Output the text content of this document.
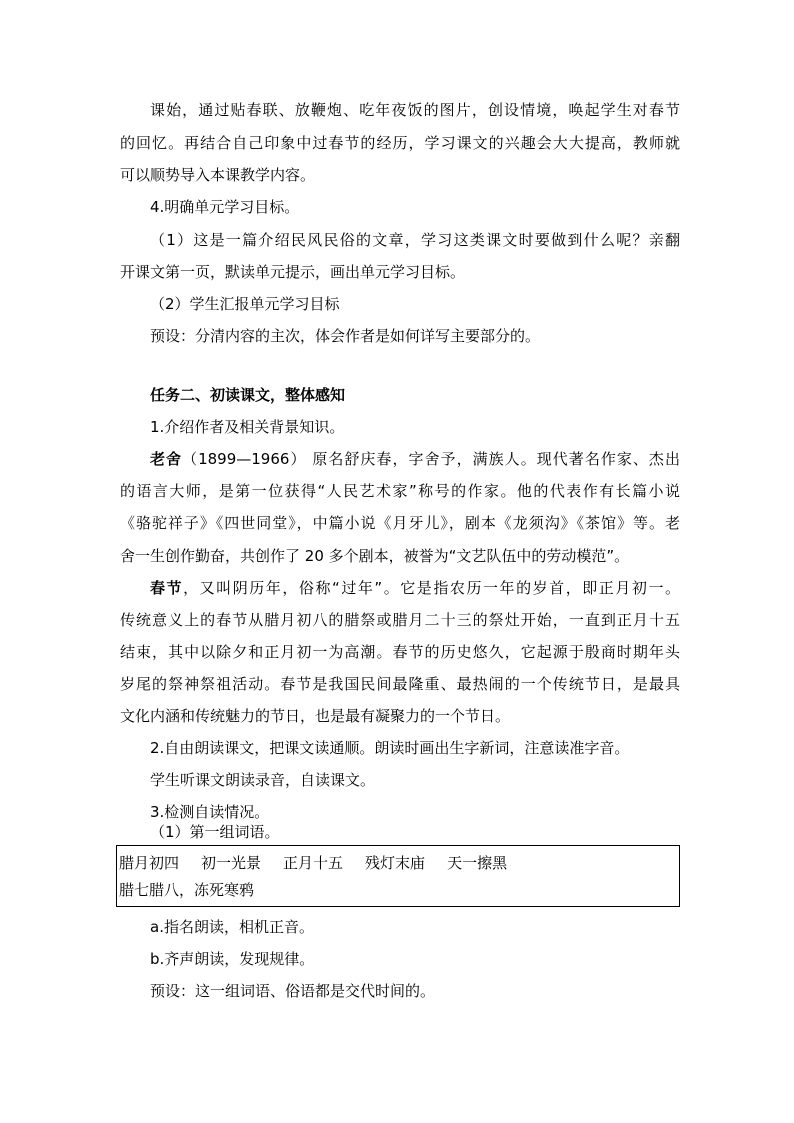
课始，通过贴春联、放鞭炮、吃年夜饭的图片，创设情境，唤起学生对春节
的回忆。再结合自己印象中过春节的经历，学习课文的兴趣会大大提高，教师就
可以顺势导入本课教学内容。
4.明确单元学习目标。
（1）这是一篇介绍民风民俗的文章，学习这类课文时要做到什么呢？亲翻
开课文第一页，默读单元提示，画出单元学习目标。
（2）学生汇报单元学习目标
预设：分清内容的主次，体会作者是如何详写主要部分的。
任务二、初读课文，整体感知
1.介绍作者及相关背景知识。
老舍（1899—1966） 原名舒庆春，字舍予，满族人。现代著名作家、杰出
的语言大师，是第一位获得“人民艺术家”称号的作家。他的代表作有长篇小说
《骆驼祥子》《四世同堂》，中篇小说《月牙儿》，剧本《龙须沟》《茶馆》等。老
舍一生创作勤奋，共创作了 20 多个剧本，被誉为“文艺队伍中的劳动模范”。
春节，又叫阴历年，俗称“过年”。它是指农历一年的岁首，即正月初一。
传统意义上的春节从腊月初八的腊祭或腊月二十三的祭灶开始，一直到正月十五
结束，其中以除夕和正月初一为高潮。春节的历史悠久，它起源于殷商时期年头
岁尾的祭神祭祖活动。春节是我国民间最隆重、最热闹的一个传统节日，是最具
文化内涵和传统魅力的节日，也是最有凝聚力的一个节日。
2.自由朗读课文，把课文读通顺。朗读时画出生字新词，注意读准字音。
学生听课文朗读录音，自读课文。
3.检测自读情况。
（1）第一组词语。
腊月初四 初一光景 正月十五 残灯末庙 天一擦黑
腊七腊八，冻死寒鸦
a.指名朗读，相机正音。
b.齐声朗读，发现规律。
预设：这一组词语、俗语都是交代时间的。
